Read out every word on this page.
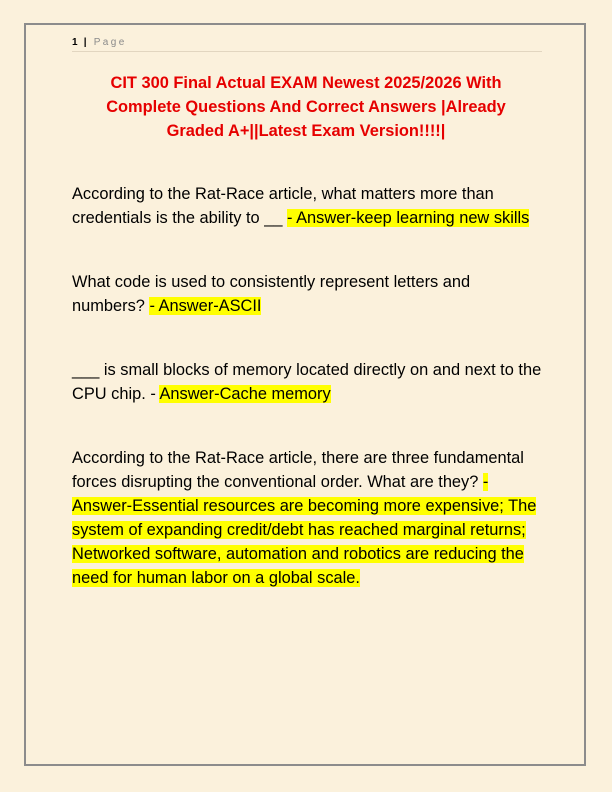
1 | Page
CIT 300 Final Actual EXAM Newest 2025/2026 With
Complete Questions And Correct Answers |Already
Graded A+||Latest Exam Version!!!!|

According to the Rat-Race article, what matters more than credentials is the ability to __ - Answer-keep learning new skills

What code is used to consistently represent letters and numbers? - Answer-ASCII

___ is small blocks of memory located directly on and next to the CPU chip. - Answer-Cache memory

According to the Rat-Race article, there are three fundamental forces disrupting the conventional order. What are they? - Answer-Essential resources are becoming more expensive; The system of expanding credit/debt has reached marginal returns; Networked software, automation and robotics are reducing the need for human labor on a global scale.
